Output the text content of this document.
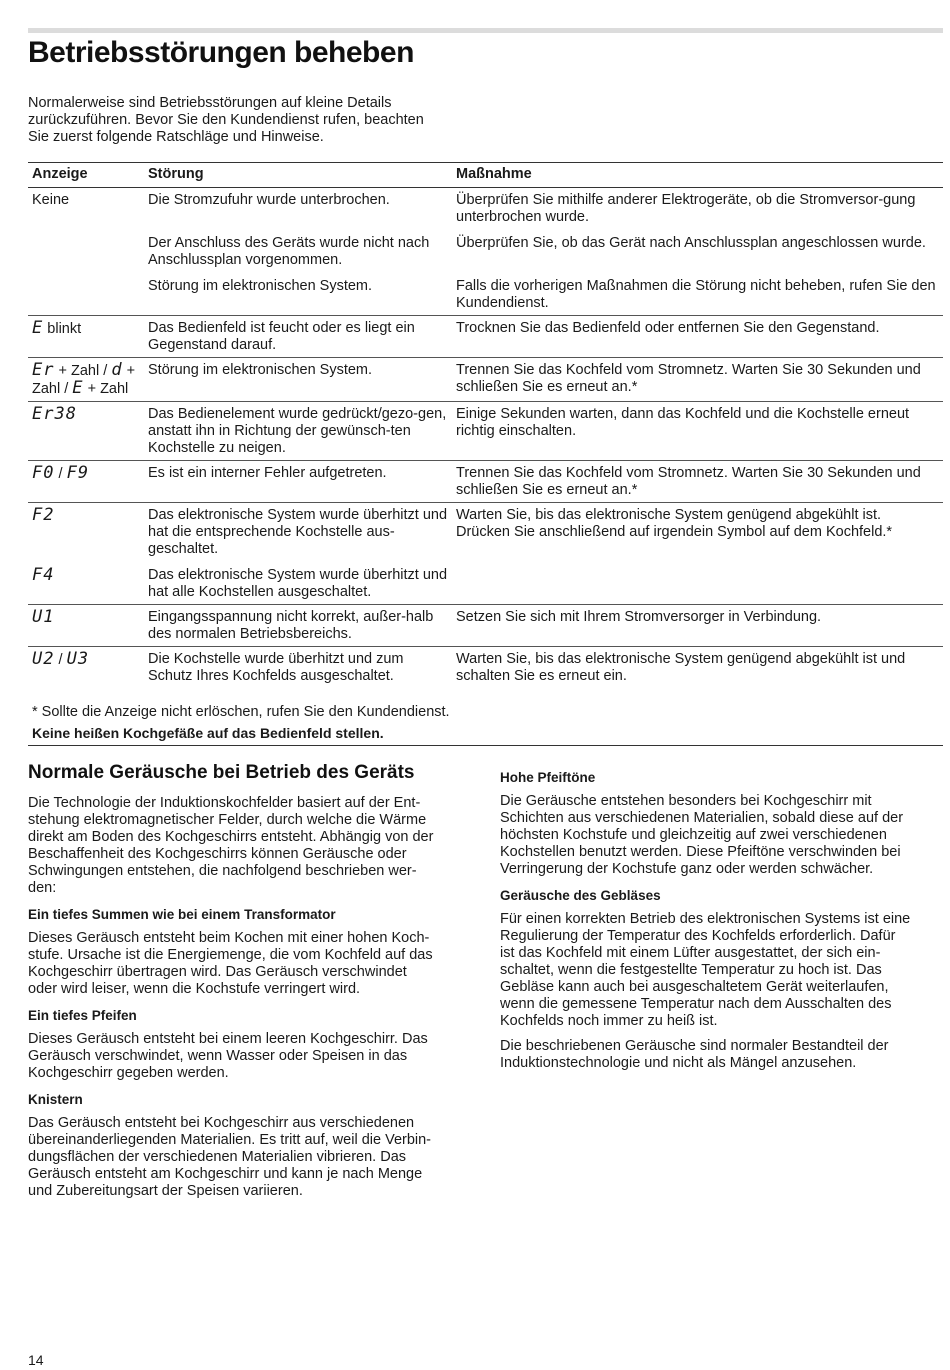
Betriebsstörungen beheben

Normalerweise sind Betriebsstörungen auf kleine Details
zurückzuführen. Bevor Sie den Kundendienst rufen, beachten
Sie zuerst folgende Ratschläge und Hinweise.

Anzeige	Störung	Maßnahme
Keine	Die Stromzufuhr wurde unterbrochen.	Überprüfen Sie mithilfe anderer Elektrogeräte, ob die Stromversor-gung unterbrochen wurde.
	Der Anschluss des Geräts wurde nicht nach Anschlussplan vorgenommen.	Überprüfen Sie, ob das Gerät nach Anschlussplan angeschlossen wurde.
	Störung im elektronischen System.	Falls die vorherigen Maßnahmen die Störung nicht beheben, rufen Sie den Kundendienst.
E blinkt	Das Bedienfeld ist feucht oder es liegt ein Gegenstand darauf.	Trocknen Sie das Bedienfeld oder entfernen Sie den Gegenstand.
Er + Zahl / d + Zahl / E + Zahl	Störung im elektronischen System.	Trennen Sie das Kochfeld vom Stromnetz. Warten Sie 30 Sekunden und schließen Sie es erneut an.*
Er38	Das Bedienelement wurde gedrückt/gezo-gen, anstatt ihn in Richtung der gewünsch-ten Kochstelle zu neigen.	Einige Sekunden warten, dann das Kochfeld und die Kochstelle erneut richtig einschalten.
F0 / F9	Es ist ein interner Fehler aufgetreten.	Trennen Sie das Kochfeld vom Stromnetz. Warten Sie 30 Sekunden und schließen Sie es erneut an.*
F2	Das elektronische System wurde überhitzt und hat die entsprechende Kochstelle aus-geschaltet.	Warten Sie, bis das elektronische System genügend abgekühlt ist. Drücken Sie anschließend auf irgendein Symbol auf dem Kochfeld.*
F4	Das elektronische System wurde überhitzt und hat alle Kochstellen ausgeschaltet.	
U1	Eingangsspannung nicht korrekt, außer-halb des normalen Betriebsbereichs.	Setzen Sie sich mit Ihrem Stromversorger in Verbindung.
U2 / U3	Die Kochstelle wurde überhitzt und zum Schutz Ihres Kochfelds ausgeschaltet.	Warten Sie, bis das elektronische System genügend abgekühlt ist und schalten Sie es erneut ein.
* Sollte die Anzeige nicht erlöschen, rufen Sie den Kundendienst.
Keine heißen Kochgefäße auf das Bedienfeld stellen.
Normale Geräusche bei Betrieb des Geräts

Die Technologie der Induktionskochfelder basiert auf der Ent-
stehung elektromagnetischer Felder, durch welche die Wärme
direkt am Boden des Kochgeschirrs entsteht. Abhängig von der
Beschaffenheit des Kochgeschirrs können Geräusche oder
Schwingungen entstehen, die nachfolgend beschrieben wer-
den:

Ein tiefes Summen wie bei einem Transformator

Dieses Geräusch entsteht beim Kochen mit einer hohen Koch-
stufe. Ursache ist die Energiemenge, die vom Kochfeld auf das
Kochgeschirr übertragen wird. Das Geräusch verschwindet
oder wird leiser, wenn die Kochstufe verringert wird.

Ein tiefes Pfeifen

Dieses Geräusch entsteht bei einem leeren Kochgeschirr. Das
Geräusch verschwindet, wenn Wasser oder Speisen in das
Kochgeschirr gegeben werden.

Knistern

Das Geräusch entsteht bei Kochgeschirr aus verschiedenen
übereinanderliegenden Materialien. Es tritt auf, weil die Verbin-
dungsflächen der verschiedenen Materialien vibrieren. Das
Geräusch entsteht am Kochgeschirr und kann je nach Menge
und Zubereitungsart der Speisen variieren.

Hohe Pfeiftöne

Die Geräusche entstehen besonders bei Kochgeschirr mit
Schichten aus verschiedenen Materialien, sobald diese auf der
höchsten Kochstufe und gleichzeitig auf zwei verschiedenen
Kochstellen benutzt werden. Diese Pfeiftöne verschwinden bei
Verringerung der Kochstufe ganz oder werden schwächer.

Geräusche des Gebläses

Für einen korrekten Betrieb des elektronischen Systems ist eine
Regulierung der Temperatur des Kochfelds erforderlich. Dafür
ist das Kochfeld mit einem Lüfter ausgestattet, der sich ein-
schaltet, wenn die festgestellte Temperatur zu hoch ist. Das
Gebläse kann auch bei ausgeschaltetem Gerät weiterlaufen,
wenn die gemessene Temperatur nach dem Ausschalten des
Kochfelds noch immer zu heiß ist.

Die beschriebenen Geräusche sind normaler Bestandteil der
Induktionstechnologie und nicht als Mängel anzusehen.

14
